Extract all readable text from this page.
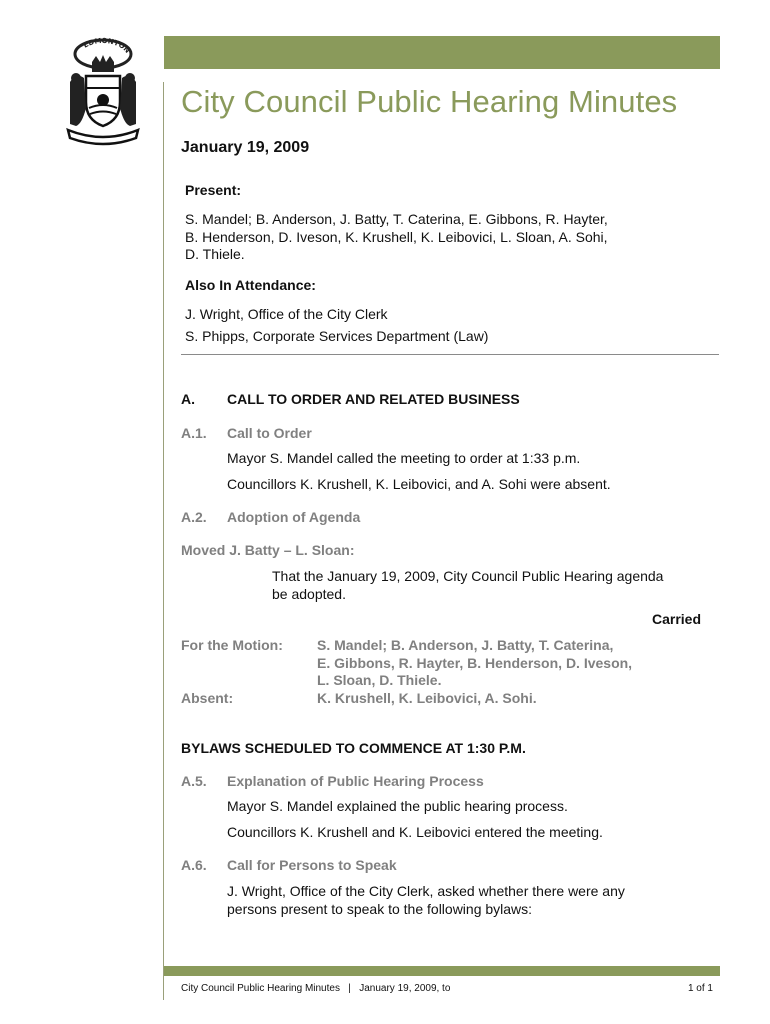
EDMONTON
City Council Public Hearing Minutes
January 19, 2009
Present:
S. Mandel; B. Anderson, J. Batty, T. Caterina, E. Gibbons, R. Hayter,
B. Henderson, D. Iveson, K. Krushell, K. Leibovici, L. Sloan, A. Sohi,
D. Thiele.
Also In Attendance:
J. Wright, Office of the City Clerk
S. Phipps, Corporate Services Department (Law)
A. CALL TO ORDER AND RELATED BUSINESS
A.1. Call to Order
Mayor S. Mandel called the meeting to order at 1:33 p.m.
Councillors K. Krushell, K. Leibovici, and A. Sohi were absent.
A.2. Adoption of Agenda
Moved J. Batty – L. Sloan:
That the January 19, 2009, City Council Public Hearing agenda
be adopted.
Carried
For the Motion: S. Mandel; B. Anderson, J. Batty, T. Caterina,
E. Gibbons, R. Hayter, B. Henderson, D. Iveson,
L. Sloan, D. Thiele.
Absent:	K. Krushell, K. Leibovici, A. Sohi.
BYLAWS SCHEDULED TO COMMENCE AT 1:30 P.M.
A.5. Explanation of Public Hearing Process
Mayor S. Mandel explained the public hearing process.
Councillors K. Krushell and K. Leibovici entered the meeting.
A.6. Call for Persons to Speak
J. Wright, Office of the City Clerk, asked whether there were any
persons present to speak to the following bylaws:
City Council Public Hearing Minutes   |   January 19, 2009, to	1 of 1
